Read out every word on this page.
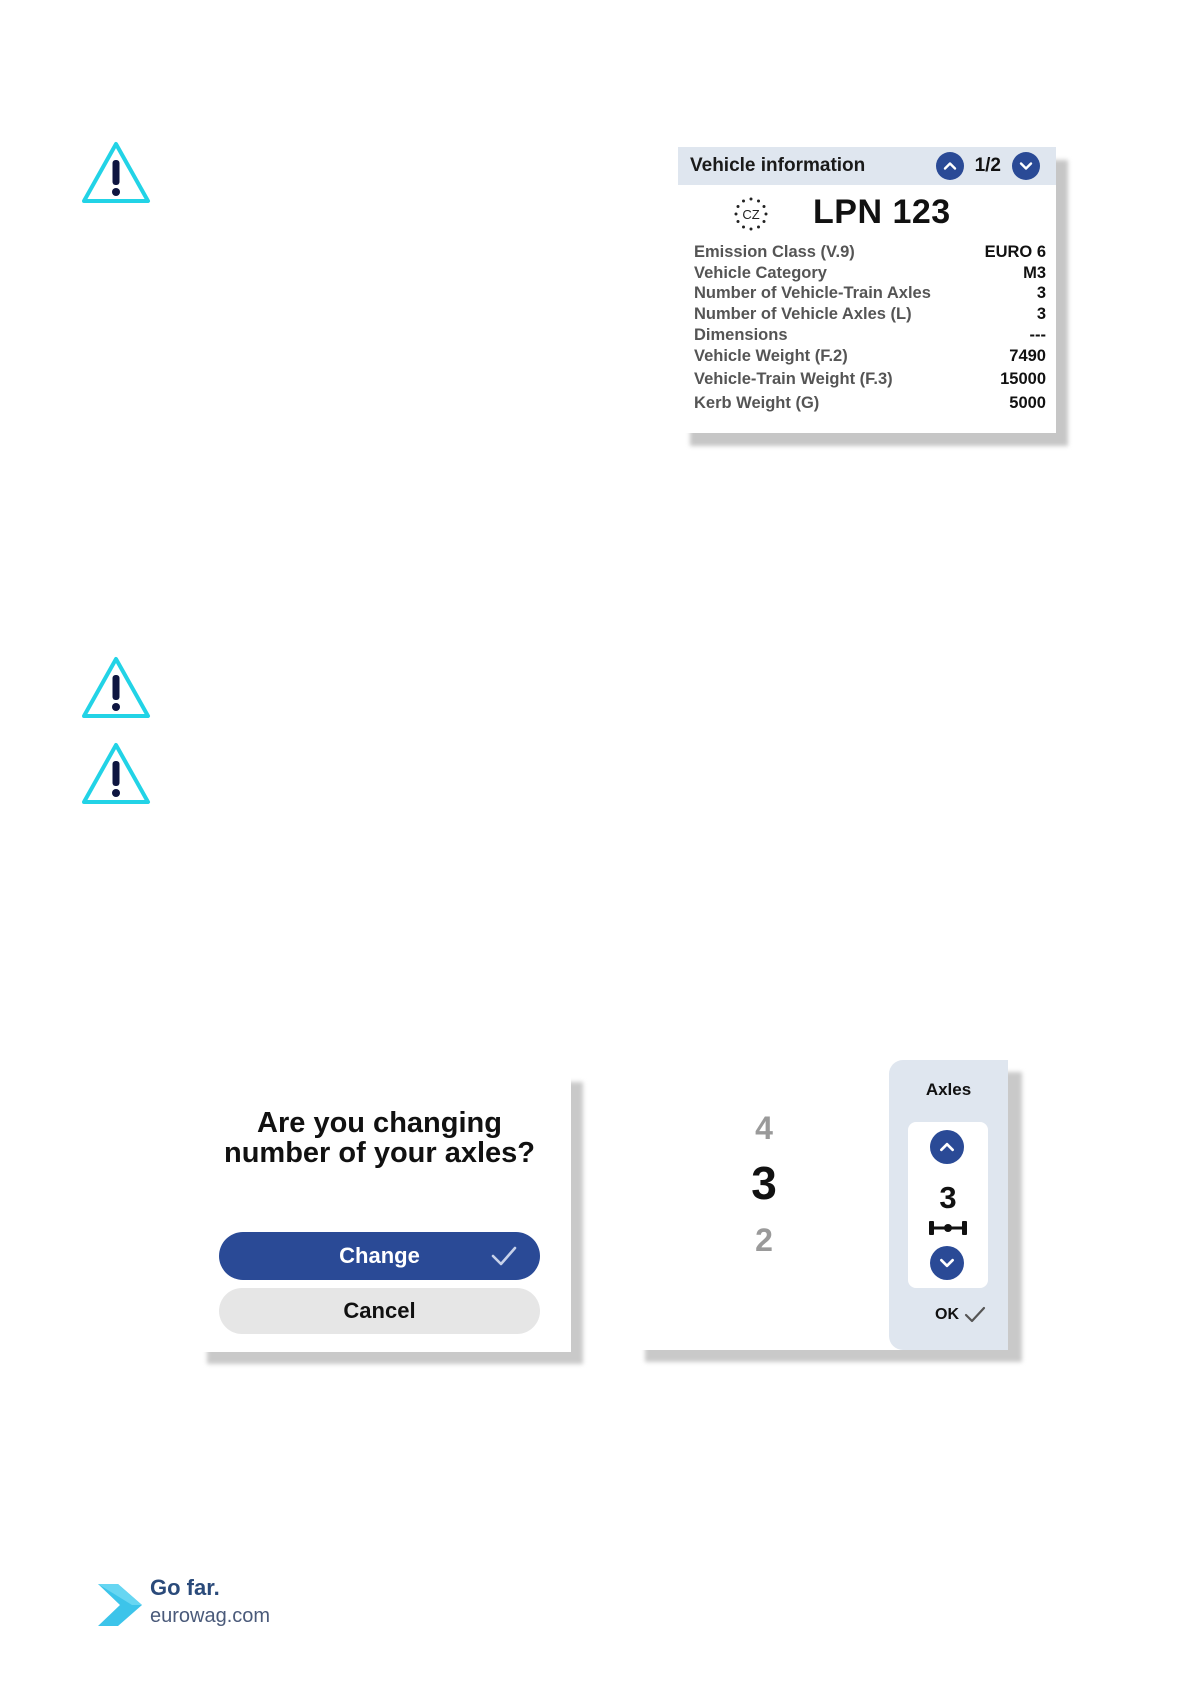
Vehicle information	1/2
CZ LPN 123
Emission Class (V.9)	EURO 6
Vehicle Category	M3
Number of Vehicle-Train Axles	3
Number of Vehicle Axles (L)	3
Dimensions	---
Vehicle Weight (F.2)	7490
Vehicle-Train Weight (F.3)	15000
Kerb Weight (G)	5000
Are you changing
number of your axles?
Change
Cancel
4
3
2
Axles
3
OK
Go far.
eurowag.com
